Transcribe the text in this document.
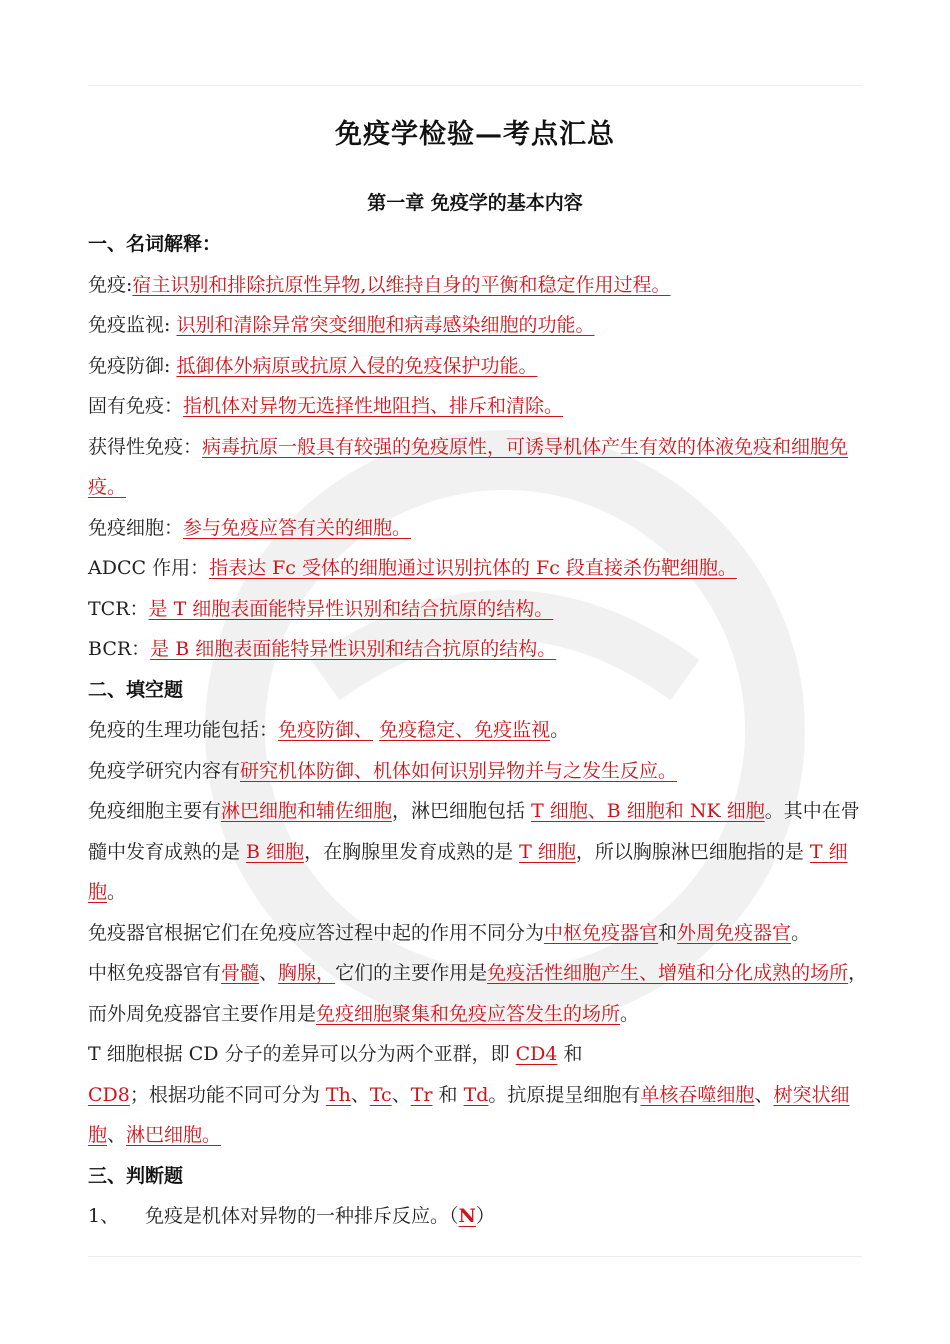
免疫学检验—考点汇总
第一章 免疫学的基本内容

一、名词解释：

免疫:宿主识别和排除抗原性异物,以维持自身的平衡和稳定作用过程。

免疫监视: 识别和清除异常突变细胞和病毒感染细胞的功能。

免疫防御: 抵御体外病原或抗原入侵的免疫保护功能。

固有免疫：指机体对异物无选择性地阻挡、排斥和清除。

获得性免疫：病毒抗原一般具有较强的免疫原性，可诱导机体产生有效的体液免疫和细胞免疫。

免疫细胞：参与免疫应答有关的细胞。

ADCC 作用：指表达 Fc 受体的细胞通过识别抗体的 Fc 段直接杀伤靶细胞。

TCR：是 T 细胞表面能特异性识别和结合抗原的结构。

BCR：是 B 细胞表面能特异性识别和结合抗原的结构。

二、填空题

免疫的生理功能包括：免疫防御、 免疫稳定、免疫监视。

免疫学研究内容有研究机体防御、机体如何识别异物并与之发生反应。

免疫细胞主要有淋巴细胞和辅佐细胞，淋巴细胞包括 T 细胞、B 细胞和 NK 细胞。其中在骨髓中发育成熟的是 B 细胞，在胸腺里发育成熟的是 T 细胞，所以胸腺淋巴细胞指的是 T 细胞。

免疫器官根据它们在免疫应答过程中起的作用不同分为中枢免疫器官和外周免疫器官。

中枢免疫器官有骨髓、胸腺，它们的主要作用是免疫活性细胞产生、增殖和分化成熟的场所，而外周免疫器官主要作用是免疫细胞聚集和免疫应答发生的场所。

T 细胞根据 CD 分子的差异可以分为两个亚群，即 CD4 和

CD8；根据功能不同可分为 Th、Tc、Tr 和 Td。抗原提呈细胞有单核吞噬细胞、树突状细胞、淋巴细胞。

三、判断题

1、 免疫是机体对异物的一种排斥反应。（N）
